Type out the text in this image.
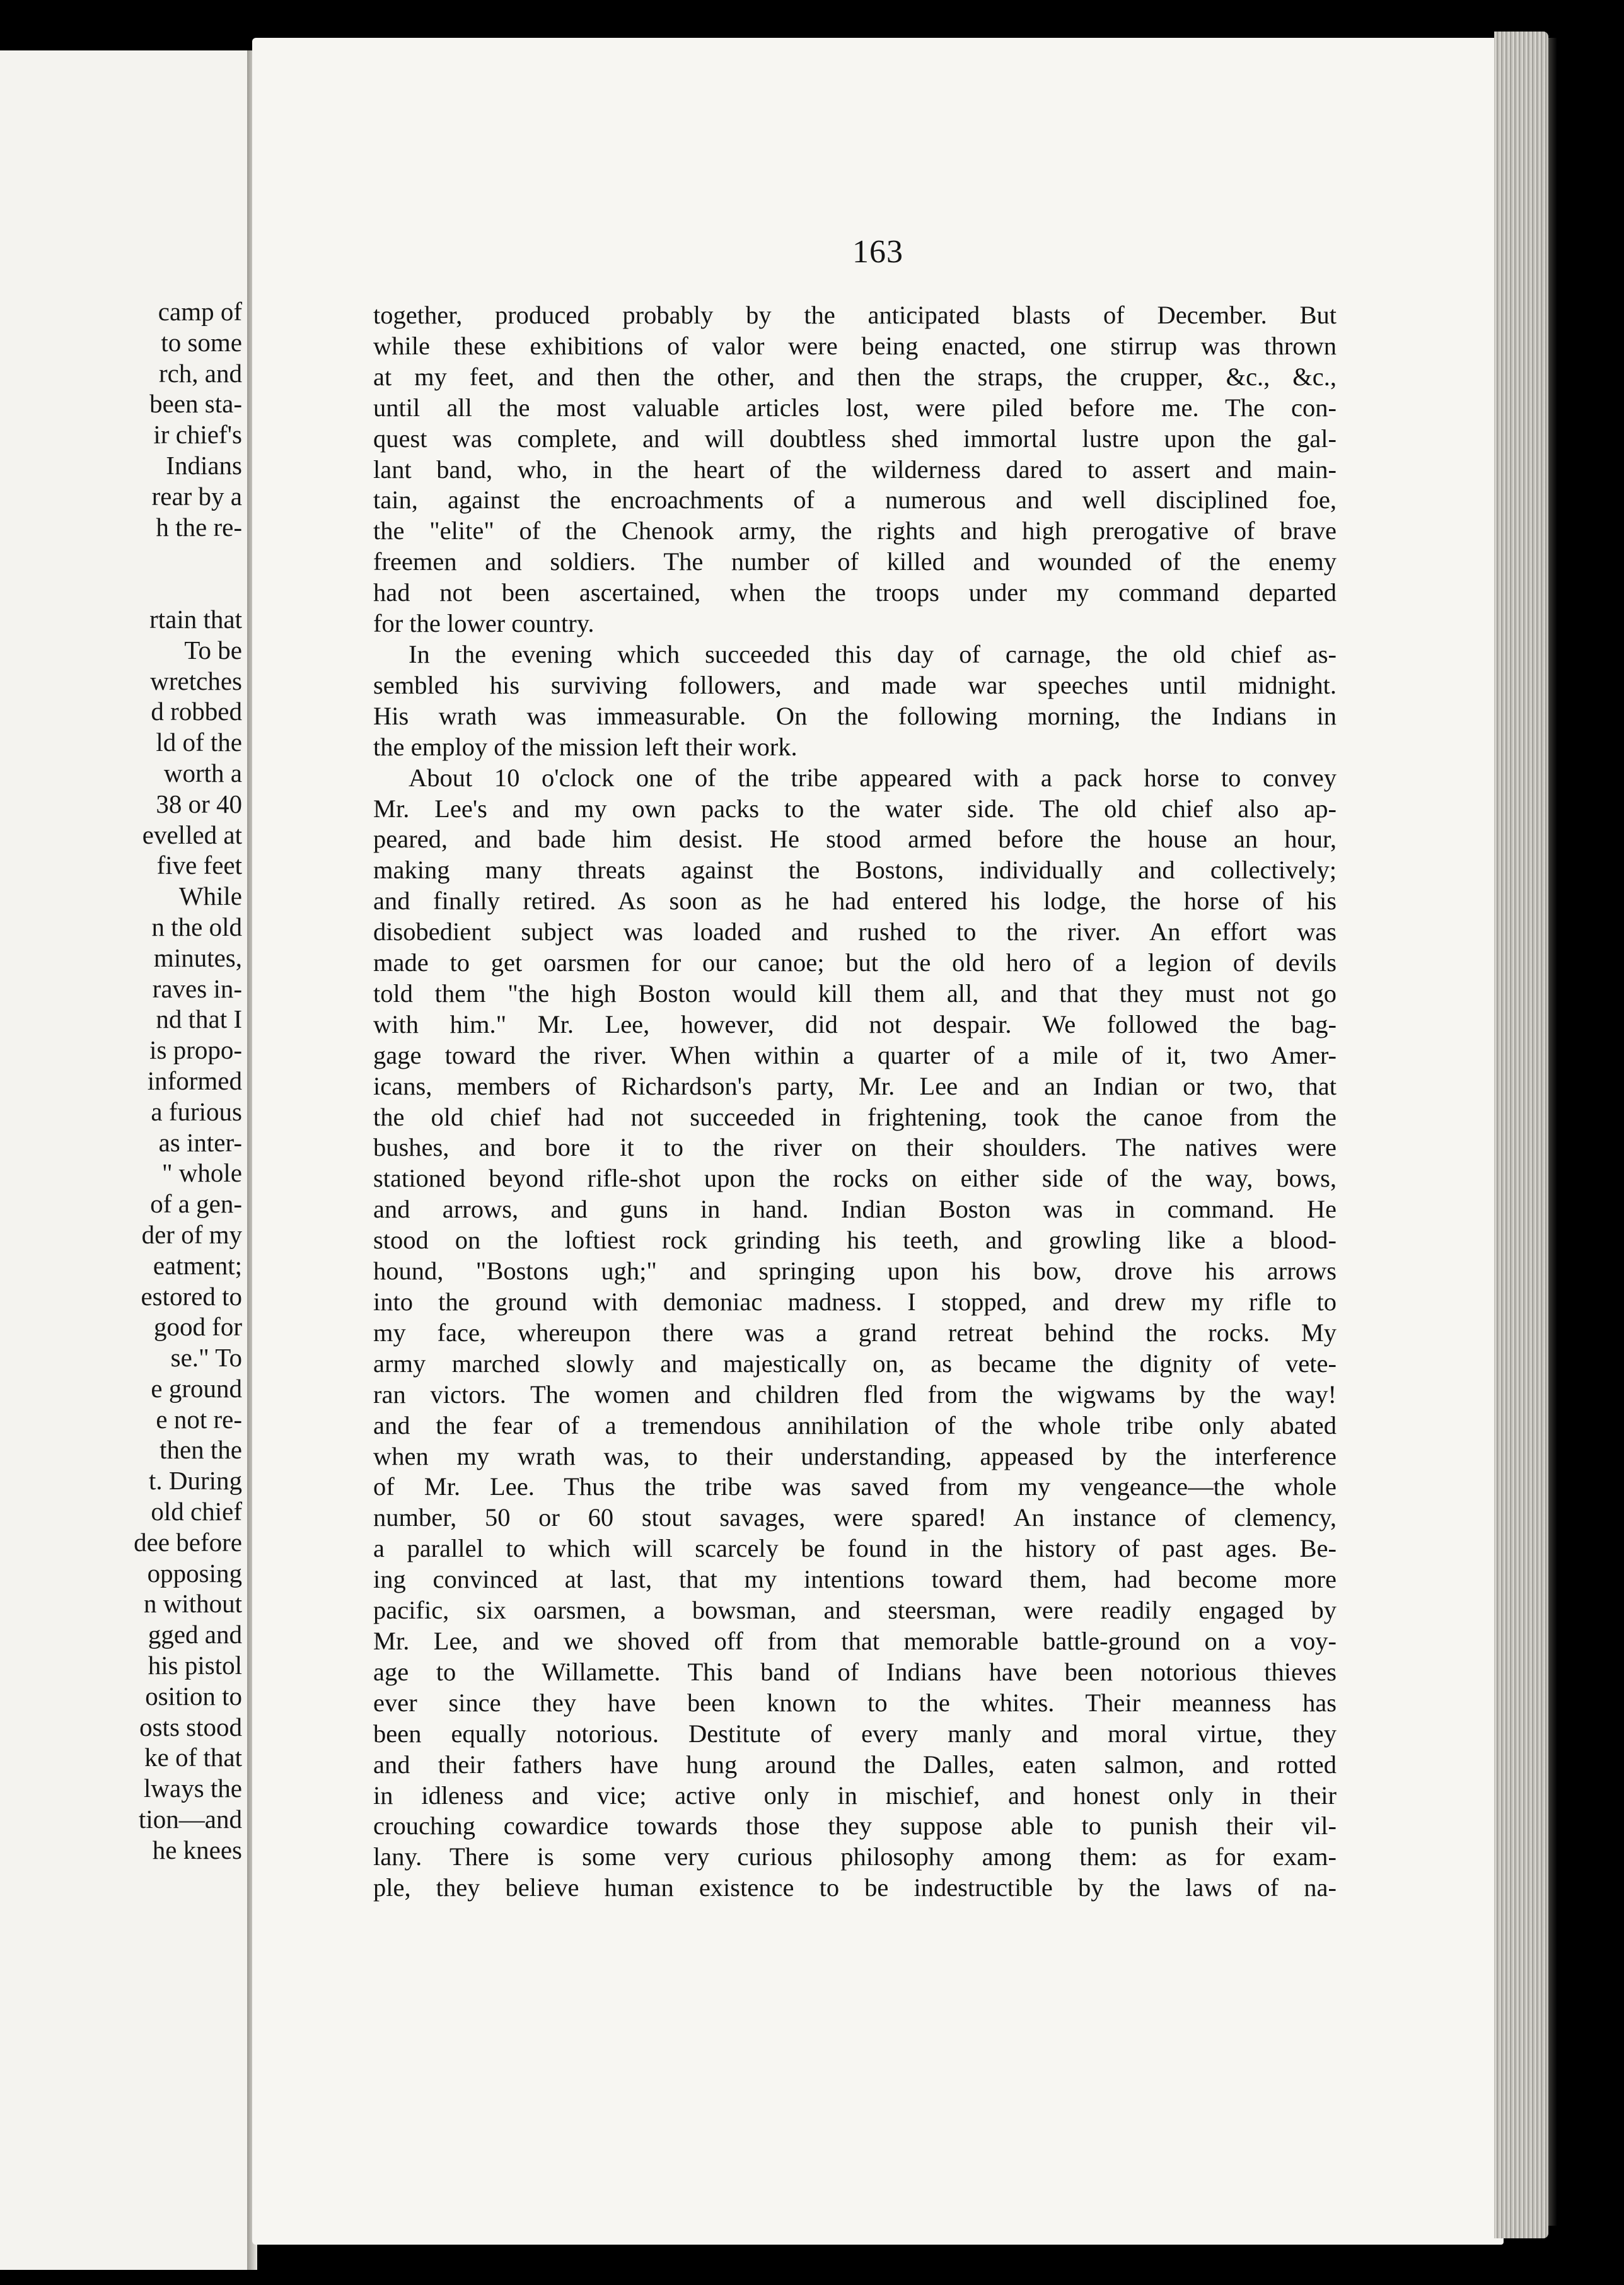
camp of
to some
rch, and
been sta-
ir chief's
Indians
rear by a
h the re-

rtain that
To be
wretches
d robbed
ld of the
worth a
38 or 40
evelled at
five feet
While
n the old
minutes,
raves in-
nd that I
is propo-
informed
a furious
as inter-
" whole
of a gen-
der of my
eatment;
estored to
good for
se." To
e ground
e not re-
then the
t. During
old chief
dee before
opposing
n without
gged and
his pistol
osition to
osts stood
ke of that
lways the
tion—and
he knees
163
together, produced probably by the anticipated blasts of December. But
while these exhibitions of valor were being enacted, one stirrup was thrown
at my feet, and then the other, and then the straps, the crupper, &c., &c.,
until all the most valuable articles lost, were piled before me. The con-
quest was complete, and will doubtless shed immortal lustre upon the gal-
lant band, who, in the heart of the wilderness dared to assert and main-
tain, against the encroachments of a numerous and well disciplined foe,
the "elite" of the Chenook army, the rights and high prerogative of brave
freemen and soldiers. The number of killed and wounded of the enemy
had not been ascertained, when the troops under my command departed
for the lower country.
In the evening which succeeded this day of carnage, the old chief as-
sembled his surviving followers, and made war speeches until midnight.
His wrath was immeasurable. On the following morning, the Indians in
the employ of the mission left their work.
About 10 o'clock one of the tribe appeared with a pack horse to convey
Mr. Lee's and my own packs to the water side. The old chief also ap-
peared, and bade him desist. He stood armed before the house an hour,
making many threats against the Bostons, individually and collectively;
and finally retired. As soon as he had entered his lodge, the horse of his
disobedient subject was loaded and rushed to the river. An effort was
made to get oarsmen for our canoe; but the old hero of a legion of devils
told them "the high Boston would kill them all, and that they must not go
with him." Mr. Lee, however, did not despair. We followed the bag-
gage toward the river. When within a quarter of a mile of it, two Amer-
icans, members of Richardson's party, Mr. Lee and an Indian or two, that
the old chief had not succeeded in frightening, took the canoe from the
bushes, and bore it to the river on their shoulders. The natives were
stationed beyond rifle-shot upon the rocks on either side of the way, bows,
and arrows, and guns in hand. Indian Boston was in command. He
stood on the loftiest rock grinding his teeth, and growling like a blood-
hound, "Bostons ugh;" and springing upon his bow, drove his arrows
into the ground with demoniac madness. I stopped, and drew my rifle to
my face, whereupon there was a grand retreat behind the rocks. My
army marched slowly and majestically on, as became the dignity of vete-
ran victors. The women and children fled from the wigwams by the way!
and the fear of a tremendous annihilation of the whole tribe only abated
when my wrath was, to their understanding, appeased by the interference
of Mr. Lee. Thus the tribe was saved from my vengeance—the whole
number, 50 or 60 stout savages, were spared! An instance of clemency,
a parallel to which will scarcely be found in the history of past ages. Be-
ing convinced at last, that my intentions toward them, had become more
pacific, six oarsmen, a bowsman, and steersman, were readily engaged by
Mr. Lee, and we shoved off from that memorable battle-ground on a voy-
age to the Willamette. This band of Indians have been notorious thieves
ever since they have been known to the whites. Their meanness has
been equally notorious. Destitute of every manly and moral virtue, they
and their fathers have hung around the Dalles, eaten salmon, and rotted
in idleness and vice; active only in mischief, and honest only in their
crouching cowardice towards those they suppose able to punish their vil-
lany. There is some very curious philosophy among them: as for exam-
ple, they believe human existence to be indestructible by the laws of na-
